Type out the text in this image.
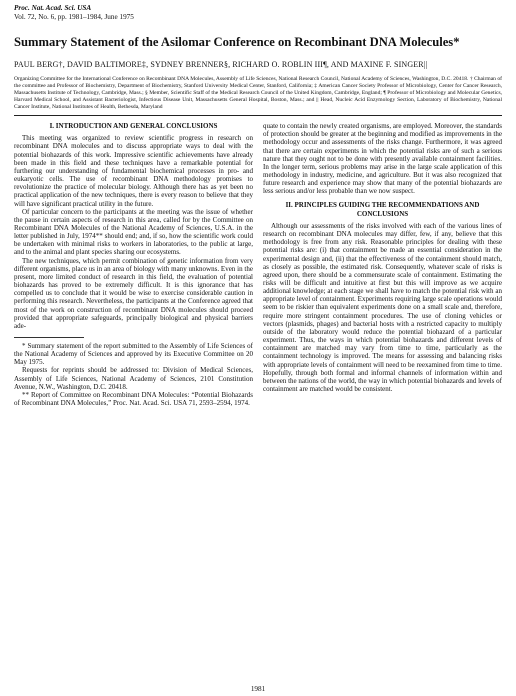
Proc. Nat. Acad. Sci. USA
Vol. 72, No. 6, pp. 1981–1984, June 1975
Summary Statement of the Asilomar Conference on Recombinant DNA Molecules*
PAUL BERG†, DAVID BALTIMORE‡, SYDNEY BRENNER§, RICHARD O. ROBLIN III¶, AND MAXINE F. SINGER||
Organizing Committee for the International Conference on Recombinant DNA Molecules, Assembly of Life Sciences, National Research Council, National Academy of Sciences, Washington, D.C. 20418. † Chairman of the committee and Professor of Biochemistry, Department of Biochemistry, Stanford University Medical Center, Stanford, California; ‡ American Cancer Society Professor of Microbiology, Center for Cancer Research, Massachusetts Institute of Technology, Cambridge, Mass.; § Member, Scientific Staff of the Medical Research Council of the United Kingdom, Cambridge, England; ¶ Professor of Microbiology and Molecular Genetics, Harvard Medical School, and Assistant Bacteriologist, Infectious Disease Unit, Massachusetts General Hospital, Boston, Mass.; and || Head, Nucleic Acid Enzymology Section, Laboratory of Biochemistry, National Cancer Institute, National Institutes of Health, Bethesda, Maryland
I. INTRODUCTION AND GENERAL CONCLUSIONS

This meeting was organized to review scientific progress in research on recombinant DNA molecules and to discuss appropriate ways to deal with the potential biohazards of this work. Impressive scientific achievements have already been made in this field and these techniques have a remarkable potential for furthering our understanding of fundamental biochemical processes in pro- and eukaryotic cells. The use of recombinant DNA methodology promises to revolutionize the practice of molecular biology. Although there has as yet been no practical application of the new techniques, there is every reason to believe that they will have significant practical utility in the future.

Of particular concern to the participants at the meeting was the issue of whether the pause in certain aspects of research in this area, called for by the Committee on Recombinant DNA Molecules of the National Academy of Sciences, U.S.A. in the letter published in July, 1974** should end; and, if so, how the scientific work could be undertaken with minimal risks to workers in laboratories, to the public at large, and to the animal and plant species sharing our ecosystems.

The new techniques, which permit combination of genetic information from very different organisms, place us in an area of biology with many unknowns. Even in the present, more limited conduct of research in this field, the evaluation of potential biohazards has proved to be extremely difficult. It is this ignorance that has compelled us to conclude that it would be wise to exercise considerable caution in performing this research. Nevertheless, the participants at the Conference agreed that most of the work on construction of recombinant DNA molecules should proceed provided that appropriate safeguards, principally biological and physical barriers ade-

* Summary statement of the report submitted to the Assembly of Life Sciences of the National Academy of Sciences and approved by its Executive Committee on 20 May 1975.

Requests for reprints should be addressed to: Division of Medical Sciences, Assembly of Life Sciences, National Academy of Sciences, 2101 Constitution Avenue, N.W., Washington, D.C. 20418.

** Report of Committee on Recombinant DNA Molecules: “Potential Biohazards of Recombinant DNA Molecules,” Proc. Nat. Acad. Sci. USA 71, 2593–2594, 1974.

quate to contain the newly created organisms, are employed. Moreover, the standards of protection should be greater at the beginning and modified as improvements in the methodology occur and assessments of the risks change. Furthermore, it was agreed that there are certain experiments in which the potential risks are of such a serious nature that they ought not to be done with presently available containment facilities. In the longer term, serious problems may arise in the large scale application of this methodology in industry, medicine, and agriculture. But it was also recognized that future research and experience may show that many of the potential biohazards are less serious and/or less probable than we now suspect.

II. PRINCIPLES GUIDING THE RECOMMENDATIONS AND CONCLUSIONS

Although our assessments of the risks involved with each of the various lines of research on recombinant DNA molecules may differ, few, if any, believe that this methodology is free from any risk. Reasonable principles for dealing with these potential risks are: (i) that containment be made an essential consideration in the experimental design and, (ii) that the effectiveness of the containment should match, as closely as possible, the estimated risk. Consequently, whatever scale of risks is agreed upon, there should be a commensurate scale of containment. Estimating the risks will be difficult and intuitive at first but this will improve as we acquire additional knowledge; at each stage we shall have to match the potential risk with an appropriate level of containment. Experiments requiring large scale operations would seem to be riskier than equivalent experiments done on a small scale and, therefore, require more stringent containment procedures. The use of cloning vehicles or vectors (plasmids, phages) and bacterial hosts with a restricted capacity to multiply outside of the laboratory would reduce the potential biohazard of a particular experiment. Thus, the ways in which potential biohazards and different levels of containment are matched may vary from time to time, particularly as the containment technology is improved. The means for assessing and balancing risks with appropriate levels of containment will need to be reexamined from time to time. Hopefully, through both formal and informal channels of information within and between the nations of the world, the way in which potential biohazards and levels of containment are matched would be consistent.

1981
